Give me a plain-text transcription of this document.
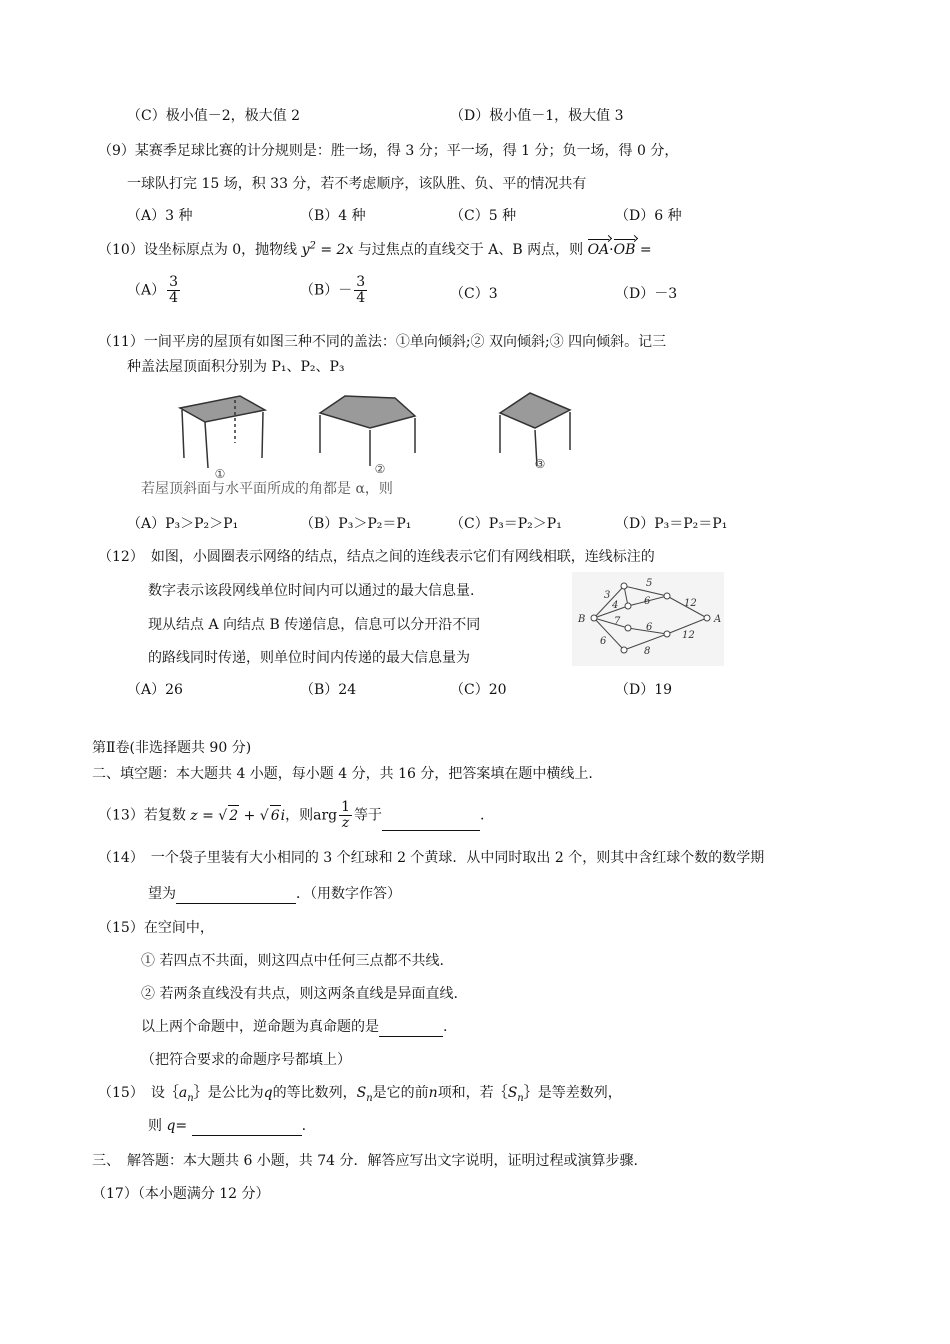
（C）极小值－2，极大值 2	（D）极小值－1，极大值 3
（9）某赛季足球比赛的计分规则是：胜一场，得 3 分；平一场，得 1 分；负一场，得 0 分，
一球队打完 15 场，积 33 分，若不考虑顺序，该队胜、负、平的情况共有
（A）3 种	（B）4 种	（C）5 种	（D）6 种
（10）设坐标原点为 0，抛物线 $y^2 = 2x$ 与过焦点的直线交于 A、B 两点，则 OA·OB =
$(A) \frac{3}{4}$	$(B)- \frac{3}{4}$	（C）3	（D）－3
（11）一间平房的屋顶有如图三种不同的盖法：①单向倾斜;② 双向倾斜;③ 四向倾斜。记三
种盖法屋顶面积分别为 P₁、P₂、P₃
①	②	③
若屋顶斜面与水平面所成的角都是 α，则
（A）P₃＞P₂＞P₁	（B）P₃＞P₂＝P₁	（C）P₃＝P₂＞P₁	（D）P₃＝P₂＝P₁
（12）　如图，小圆圈表示网络的结点，结点之间的连线表示它们有网线相联，连线标注的
数字表示该段网线单位时间内可以通过的最大信息量.
现从结点 A 向结点 B 传递信息，信息可以分开沿不同
的路线同时传递，则单位时间内传递的最大信息量为
B	A
3
5
4	6	12
7
6
12
6
8
（A）26	（B）24	（C）20	（D）19
第Ⅱ卷(非选择题共 90 分)
二、填空题：本大题共 4 小题，每小题 4 分，共 16 分，把答案填在题中横线上.
（13）若复数 z = √ 2 + √ 6i，则arg $\frac{1}{z}$ 等于	.
（14）　一个袋子里装有大小相同的 3 个红球和 2 个黄球．从中同时取出 2 个，则其中含红球个数的数学期
望为	．（用数字作答）
（15）在空间中，
① 若四点不共面，则这四点中任何三点都不共线.
② 若两条直线没有共点，则这两条直线是异面直线.
以上两个命题中，逆命题为真命题的是	.
（把符合要求的命题序号都填上）
（15）　设$\{a_n\}$是公比为q的等比数列，$S_n$是它的前n项和，若$\{S_n\}$是等差数列，
则 q=	.
三、　解答题：本大题共 6 小题，共 74 分．解答应写出文字说明，证明过程或演算步骤.
（17）（本小题满分 12 分）
